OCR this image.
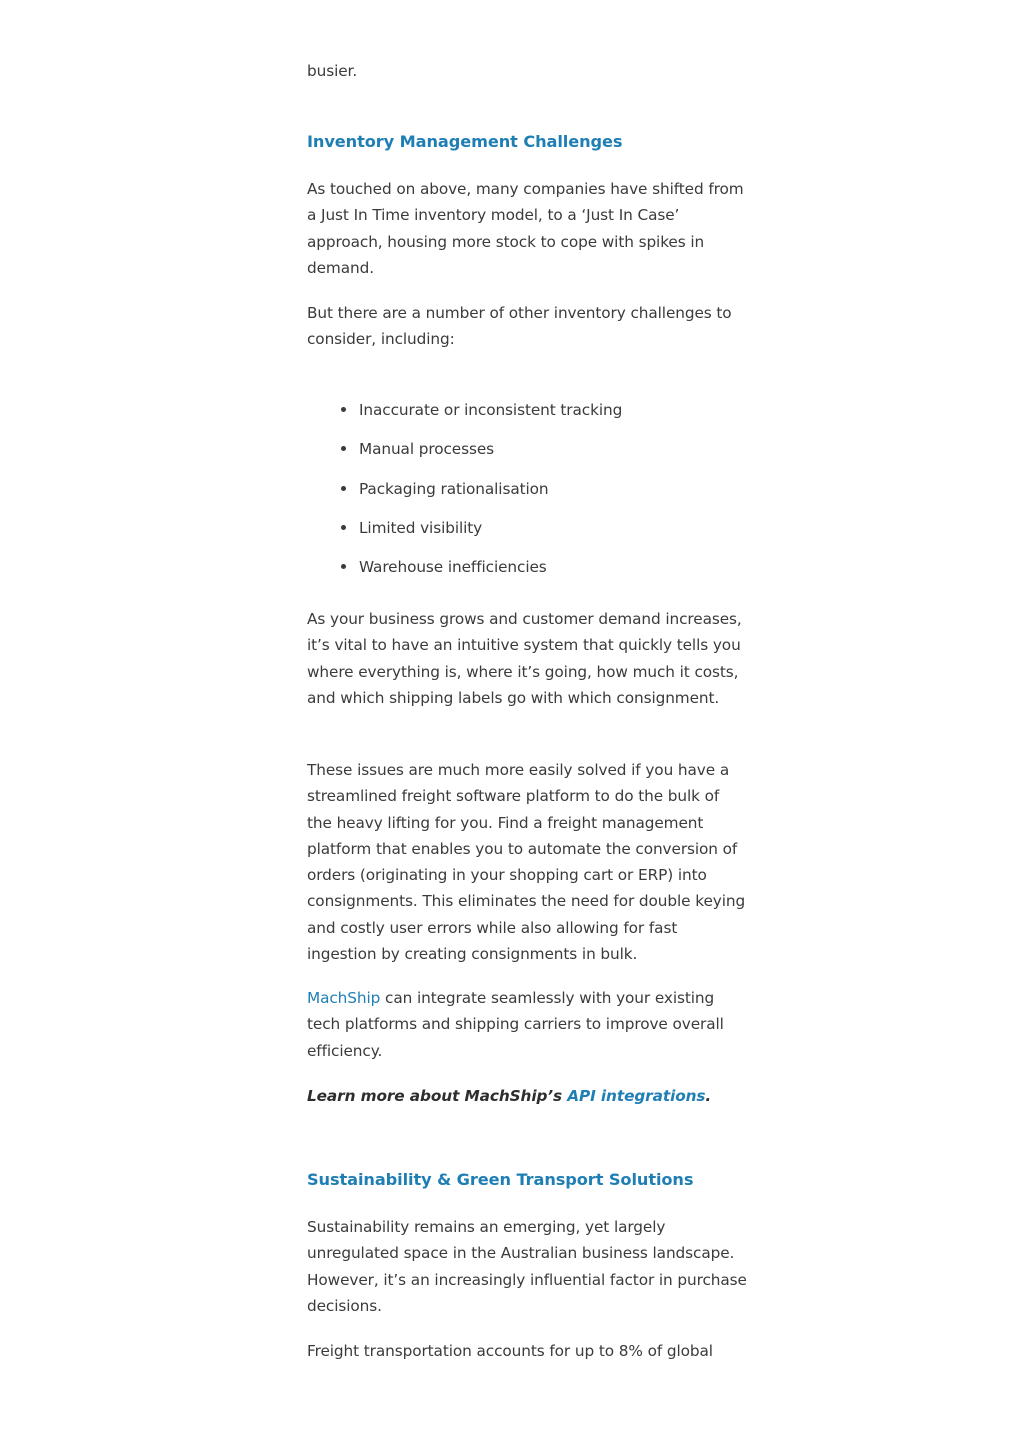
busier.

Inventory Management Challenges

As touched on above, many companies have shifted from a Just In Time inventory model, to a ‘Just In Case’ approach, housing more stock to cope with spikes in demand.

But there are a number of other inventory challenges to consider, including:

Inaccurate or inconsistent tracking
Manual processes
Packaging rationalisation
Limited visibility
Warehouse inefficiencies

As your business grows and customer demand increases, it’s vital to have an intuitive system that quickly tells you where everything is, where it’s going, how much it costs, and which shipping labels go with which consignment.

These issues are much more easily solved if you have a streamlined freight software platform to do the bulk of the heavy lifting for you. Find a freight management platform that enables you to automate the conversion of orders (originating in your shopping cart or ERP) into consignments. This eliminates the need for double keying and costly user errors while also allowing for fast ingestion by creating consignments in bulk.

MachShip can integrate seamlessly with your existing tech platforms and shipping carriers to improve overall efficiency.

Learn more about MachShip’s API integrations.

Sustainability & Green Transport Solutions

Sustainability remains an emerging, yet largely unregulated space in the Australian business landscape. However, it’s an increasingly influential factor in purchase decisions.

Freight transportation accounts for up to 8% of global
